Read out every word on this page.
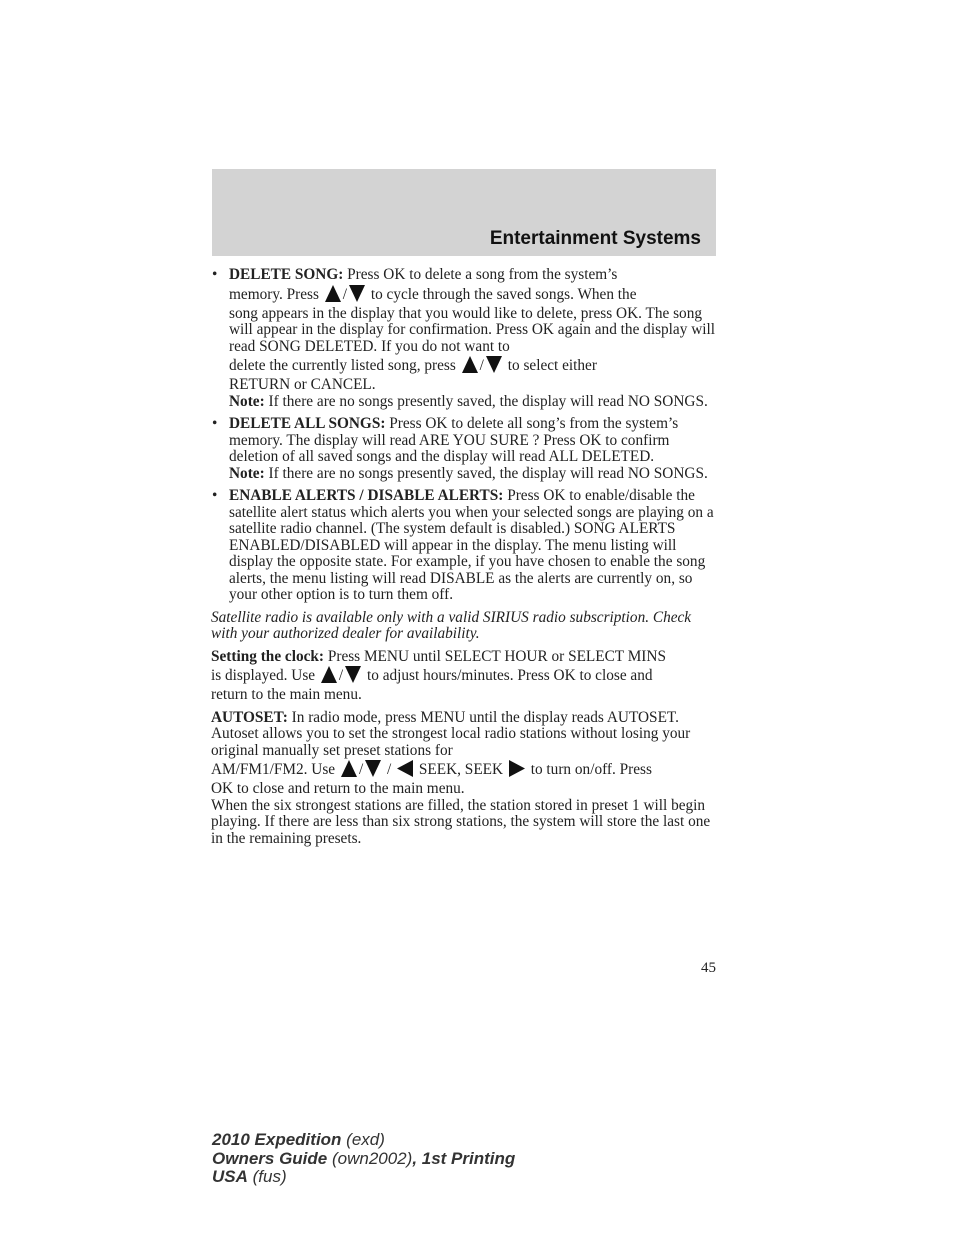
Entertainment Systems
• DELETE SONG: Press OK to delete a song from the system’s
memory. Press
/
to cycle through the saved songs. When the
song appears in the display that you would like to delete, press OK. The song will appear in the display for confirmation. Press OK again and the display will read SONG DELETED. If you do not want to
delete the currently listed song, press
/
to select either
RETURN or CANCEL.
Note: If there are no songs presently saved, the display will read NO SONGS.
• DELETE ALL SONGS: Press OK to delete all song’s from the system’s memory. The display will read ARE YOU SURE ? Press OK to confirm deletion of all saved songs and the display will read ALL DELETED.
Note: If there are no songs presently saved, the display will read NO SONGS.
• ENABLE ALERTS / DISABLE ALERTS: Press OK to enable/disable the satellite alert status which alerts you when your selected songs are playing on a satellite radio channel. (The system default is disabled.) SONG ALERTS ENABLED/DISABLED will appear in the display. The menu listing will display the opposite state. For example, if you have chosen to enable the song alerts, the menu listing will read DISABLE as the alerts are currently on, so your other option is to turn them off.
Satellite radio is available only with a valid SIRIUS radio subscription. Check with your authorized dealer for availability.
Setting the clock: Press MENU until SELECT HOUR or SELECT MINS
is displayed. Use
/
to adjust hours/minutes. Press OK to close and
return to the main menu.
AUTOSET: In radio mode, press MENU until the display reads AUTOSET. Autoset allows you to set the strongest local radio stations without losing your original manually set preset stations for
AM/FM1/FM2. Use
/ /
SEEK, SEEK
to turn on/off. Press
OK to close and return to the main menu.
When the six strongest stations are filled, the station stored in preset 1 will begin playing. If there are less than six strong stations, the system will store the last one in the remaining presets.
45
2010 Expedition (exd)
Owners Guide (own2002), 1st Printing
USA (fus)
